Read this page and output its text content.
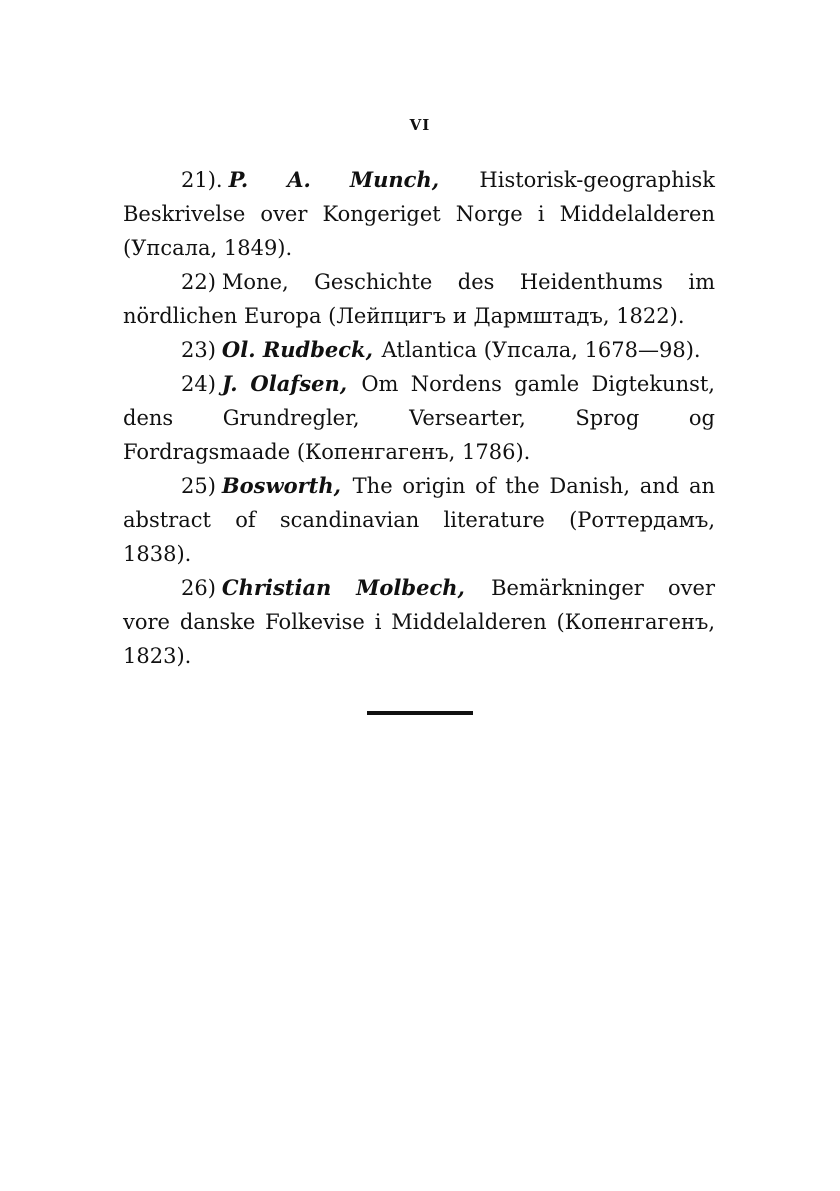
VI

21). P. A. Munch, Historisk-geographisk Beskrivelse over Kongeriget Norge i Middelalderen (Упсала, 1849).

22) Mone, Geschichte des Heidenthums im nördlichen Europa (Лейпцигъ и Дармштадъ, 1822).

23) Ol. Rudbeck, Atlantica (Упсала, 1678—98).

24) J. Olafsen, Om Nordens gamle Digtekunst, dens Grundregler, Versearter, Sprog og Fordragsmaade (Копенгагенъ, 1786).

25) Bosworth, The origin of the Danish, and an abstract of scandinavian literature (Роттердамъ, 1838).

26) Christian Molbech, Bemärkninger over vore danske Folkevise i Middelalderen (Копенгагенъ, 1823).
